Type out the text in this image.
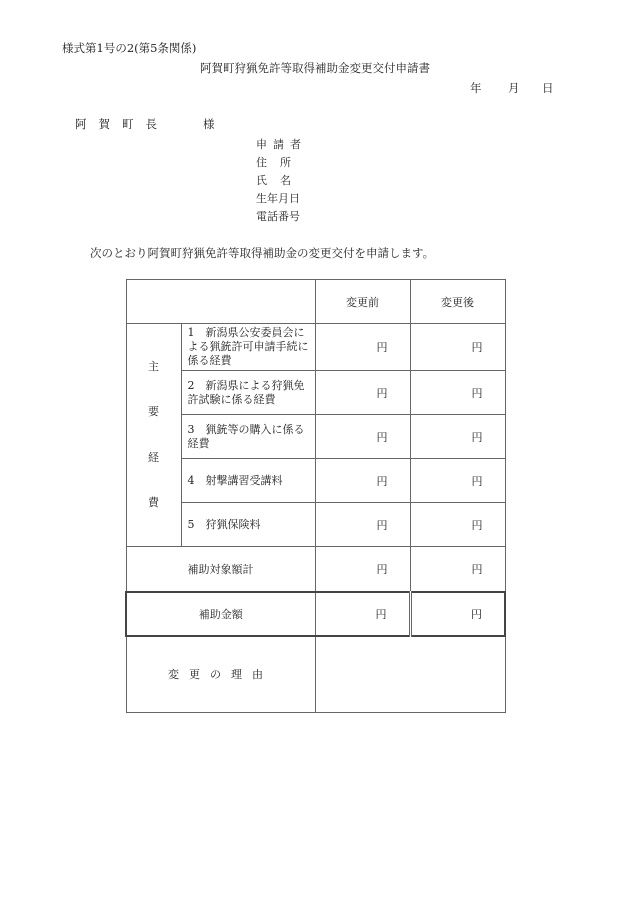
様式第1号の2(第5条関係)
阿賀町狩猟免許等取得補助金変更交付申請書
年 月 日
阿賀町長	様
申請者
住所
氏名
生年月日
電話番号
次のとおり阿賀町狩猟免許等取得補助金の変更交付を申請します。
		変更前	変更後

主
要
経
費	1　新潟県公安委員会による猟銃許可申請手続に係る経費	円	円
	2　新潟県による狩猟免許試験に係る経費	円	円
	3　猟銃等の購入に係る経費	円	円
	4　射撃講習受講料	円	円
	5　狩猟保険料	円	円
補助対象額計		円	円
補助金額		円	円
変更の理由			
